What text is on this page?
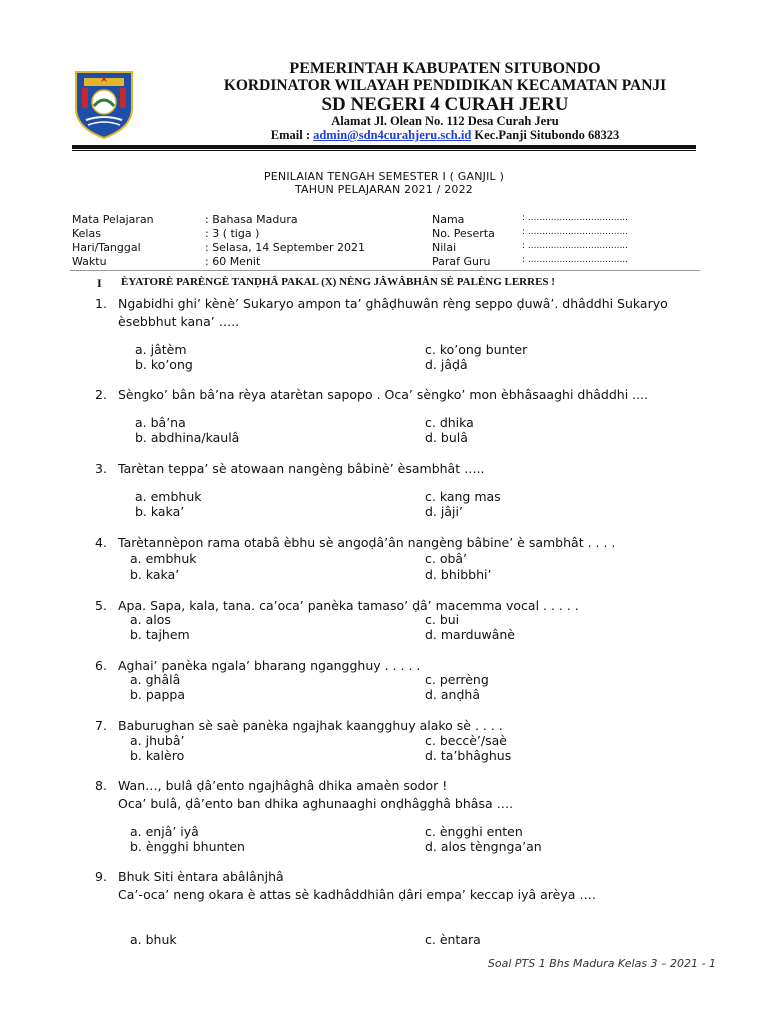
PEMERINTAH KABUPATEN SITUBONDO
KORDINATOR WILAYAH PENDIDIKAN KECAMATAN PANJI
SD NEGERI 4 CURAH JERU
Alamat Jl. Olean No. 112 Desa Curah Jeru
Email : admin@sdn4curahjeru.sch.id Kec.Panji Situbondo 68323
PENILAIAN TENGAH SEMESTER I ( GANJIL )
TAHUN PELAJARAN 2021 / 2022
Mata Pelajaran	: Bahasa Madura
Kelas	: 3 ( tiga )
Hari/Tanggal	: Selasa, 14 September 2021
Waktu	: 60 Menit
Nama	: ...................................
No. Peserta	: ...................................
Nilai	: ...................................
Paraf Guru	: ...................................
I ÈYATORÈ PARÈNGÈ TANḌHÂ PAKAL (X) NÈNG JÂWÂBHÂN SÈ PALÈNG LERRES !
1. Ngabidhi ghi’ kènè’ Sukaryo ampon ta’ ghâḍhuwân rèng seppo ḍuwâ’. dhâddhi Sukaryo èsebbhut kana’ …..
a. jâtèm
b. ko’ong
c. ko’ong bunter
d. jâḍâ
2. Sèngko’ bân bâ’na rèya atarètan sapopo . Oca’ sèngko’ mon èbhâsaaghi dhâddhi ....
a. bâ’na
b. abdhina/kaulâ
c. dhika
d. bulâ
3. Tarètan teppa’ sè atowaan nangèng bâbinè’ èsambhât …..
a. embhuk
b. kaka’
c. kang mas
d. jâji’
4. Tarètannèpon rama otabâ èbhu sè angoḍâ’ân nangèng bâbine’ è sambhât . . . .
a. embhuk
b. kaka’
c. obâ’
d. bhibbhi’
5. Apa. Sapa, kala, tana. ca’oca’ panèka tamaso’ ḍâ’ macemma vocal . . . . .
a. alos
b. tajhem
c. bui
d. marduwânè
6. Aghai’ panèka ngala’ bharang ngangghuy . . . . .
a. ghâlâ
b. pappa
c. perrèng
d. anḍhâ
7. Baburughan sè saè panèka ngajhak kaangghuy alako sè . . . .
a. jhubâ’
b. kalèro
c. beccè’/saè
d. ta’bhâghus
8. Wan…, bulâ ḍâ’ento ngajhâghâ dhika amaèn sodor !
Oca’ bulâ, ḍâ’ento ban dhika aghunaaghi onḍhâgghâ bhâsa ….
a. enjâ’ iyâ
b. èngghi bhunten
c. èngghi enten
d. alos tèngnga’an
9. Bhuk Siti èntara abâlânjhâ
Ca’-oca’ neng okara è attas sè kadhâddhiân ḍâri empa’ keccap iyâ arèya ….
a. bhuk	c. èntara
Soal PTS 1 Bhs Madura Kelas 3 – 2021 - 1
